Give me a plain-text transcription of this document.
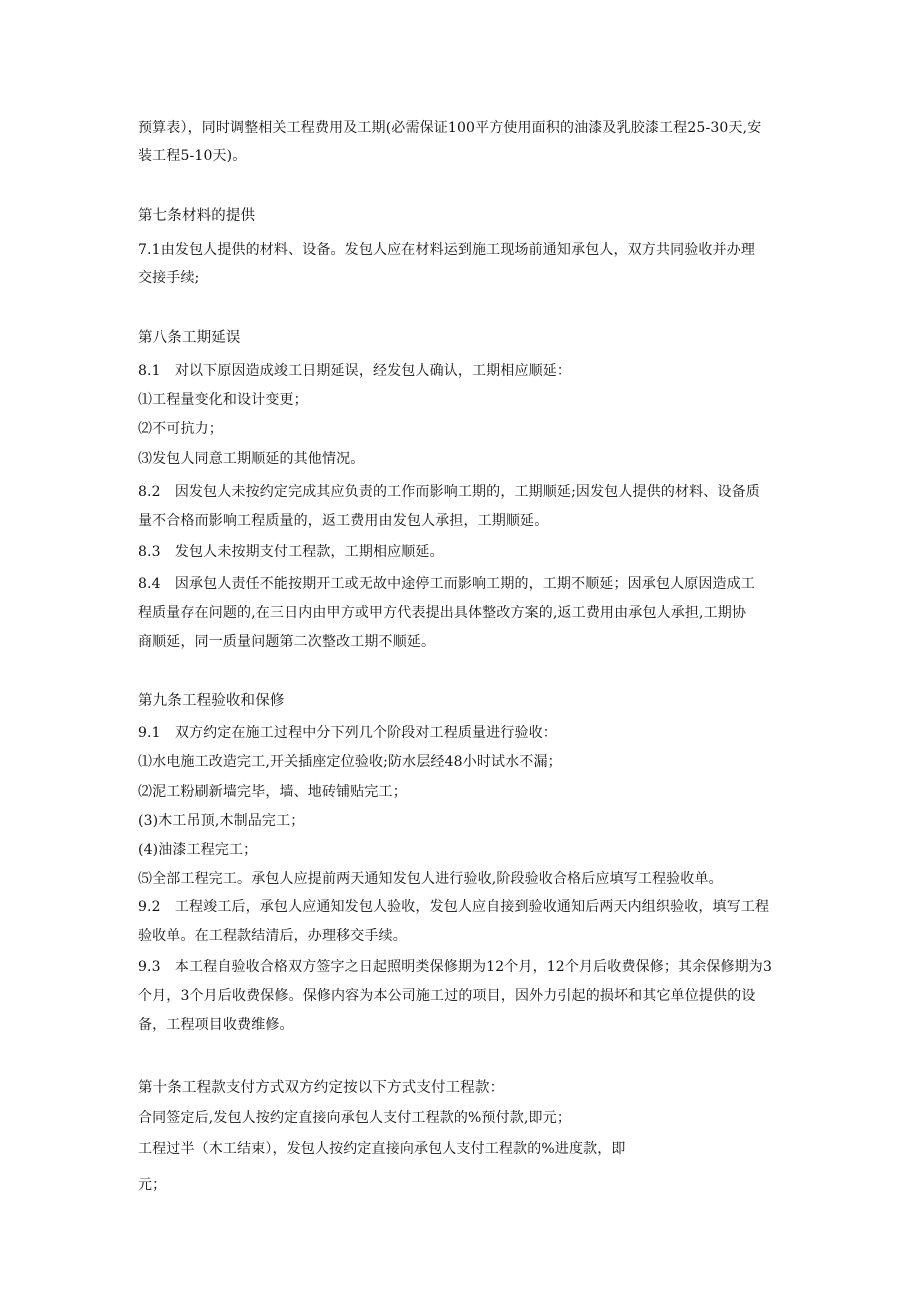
预算表），同时调整相关工程费用及工期(必需保证100平方使用面积的油漆及乳胶漆工程25-30天,安
装工程5-10天)。
第七条材料的提供
7.1由发包人提供的材料、设备。发包人应在材料运到施工现场前通知承包人，双方共同验收并办理
交接手续;
第八条工期延误
8.1　对以下原因造成竣工日期延误，经发包人确认，工期相应顺延：
⑴工程量变化和设计变更；
⑵不可抗力；
⑶发包人同意工期顺延的其他情况。
8.2　因发包人未按约定完成其应负责的工作而影响工期的，工期顺延;因发包人提供的材料、设备质
量不合格而影响工程质量的，返工费用由发包人承担，工期顺延。
8.3　发包人未按期支付工程款，工期相应顺延。
8.4　因承包人责任不能按期开工或无故中途停工而影响工期的，工期不顺延；因承包人原因造成工
程质量存在问题的,在三日内由甲方或甲方代表提出具体整改方案的,返工费用由承包人承担,工期协
商顺延，同一质量问题第二次整改工期不顺延。
第九条工程验收和保修
9.1　双方约定在施工过程中分下列几个阶段对工程质量进行验收：
⑴水电施工改造完工,开关插座定位验收;防水层经48小时试水不漏；
⑵泥工粉刷新墙完毕，墙、地砖铺贴完工；
(3)木工吊顶,木制品完工；
(4)油漆工程完工；
⑸全部工程完工。承包人应提前两天通知发包人进行验收,阶段验收合格后应填写工程验收单。
9.2　工程竣工后，承包人应通知发包人验收，发包人应自接到验收通知后两天内组织验收，填写工程
验收单。在工程款结清后，办理移交手续。
9.3　本工程自验收合格双方签字之日起照明类保修期为12个月，12个月后收费保修；其余保修期为3
个月，3个月后收费保修。保修内容为本公司施工过的项目，因外力引起的损坏和其它单位提供的设
备，工程项目收费维修。
第十条工程款支付方式双方约定按以下方式支付工程款：
合同签定后,发包人按约定直接向承包人支付工程款的%预付款,即元；
工程过半（木工结束），发包人按约定直接向承包人支付工程款的%进度款，即
元；
